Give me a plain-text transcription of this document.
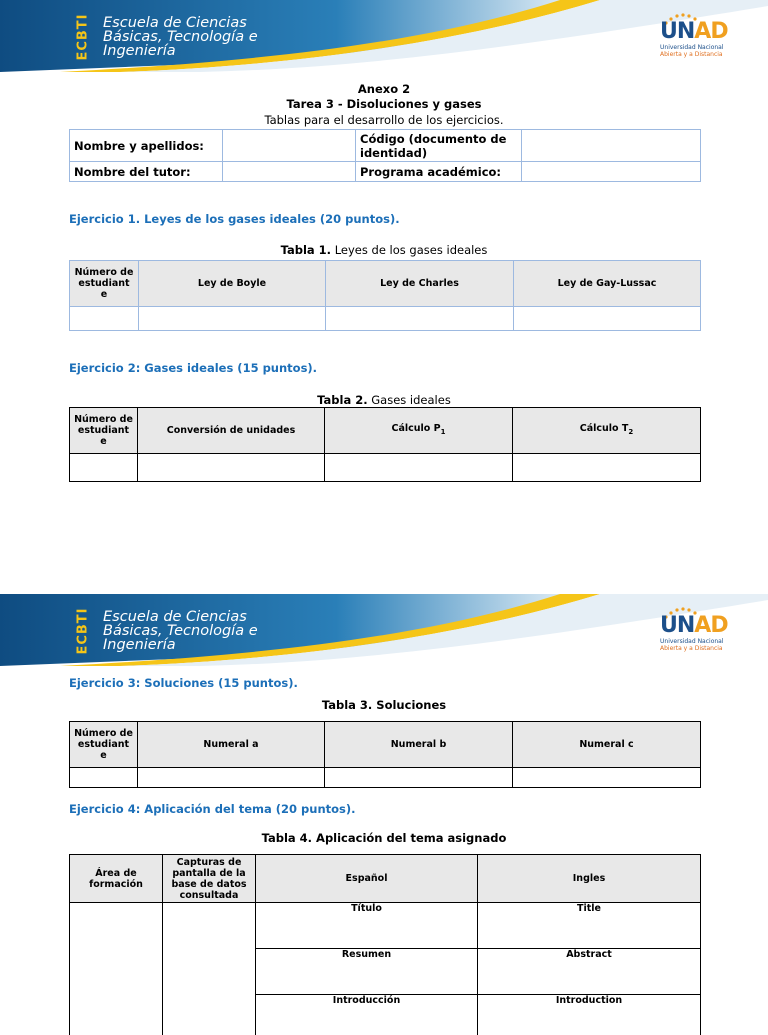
ECBTI Escuela de Ciencias
Básicas, Tecnología e
Ingeniería
UNAD
Universidad Nacional
Abierta y a Distancia
Anexo 2
Tarea 3 - Disoluciones y gases
Tablas para el desarrollo de los ejercicios.
Nombre y apellidos:		Código (documento de identidad)	
Nombre del tutor:		Programa académico:	
Ejercicio 1. Leyes de los gases ideales (20 puntos).
Tabla 1. Leyes de los gases ideales
Número de estudiant e	Ley de Boyle	Ley de Charles	Ley de Gay-Lussac

Ejercicio 2: Gases ideales (15 puntos).
Tabla 2. Gases ideales
Número de estudiant e	Conversión de unidades	Cálculo $P_1$	Cálculo $T_2$

ECBTI Escuela de Ciencias
Básicas, Tecnología e
Ingeniería
UNAD
Universidad Nacional
Abierta y a Distancia
Ejercicio 3: Soluciones (15 puntos).
Tabla 3. Soluciones
Número de estudiant e	Numeral a	Numeral b	Numeral c

Ejercicio 4: Aplicación del tema (20 puntos).
Tabla 4. Aplicación del tema asignado
Área de formación	Capturas de pantalla de la base de datos consultada	Español	Ingles
		Título	Title
		Resumen	Abstract
		Introducción	Introduction
